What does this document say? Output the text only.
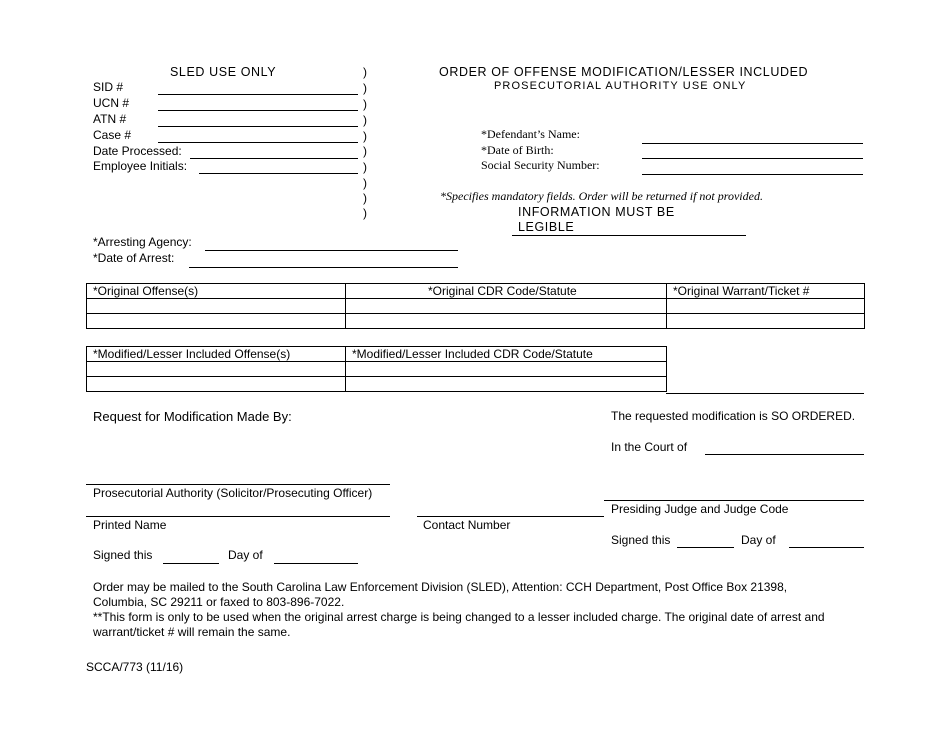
SLED USE ONLY
SID #
UCN #
ATN #
Case #
Date Processed:
Employee Initials:
)
)
)
)
)
)
)
)
)
)
ORDER OF OFFENSE MODIFICATION/LESSER INCLUDED
PROSECUTORIAL AUTHORITY USE ONLY
*Defendant’s Name:
*Date of Birth:
Social Security Number:
*Specifies mandatory fields. Order will be returned if not provided.
INFORMATION MUST BE
LEGIBLE
*Arresting Agency:
*Date of Arrest:
*Original Offense(s)	*Original CDR Code/Statute	*Original Warrant/Ticket #

*Modified/Lesser Included Offense(s)	*Modified/Lesser Included CDR Code/Statute

Request for Modification Made By:
Prosecutorial Authority (Solicitor/Prosecuting Officer)
Printed Name	Contact Number
Signed this	Day of
The requested modification is SO ORDERED.
In the Court of
Presiding Judge and Judge Code
Signed this	Day of
Order may be mailed to the South Carolina Law Enforcement Division (SLED), Attention: CCH Department, Post Office Box 21398,
Columbia, SC 29211 or faxed to 803-896-7022.
**This form is only to be used when the original arrest charge is being changed to a lesser included charge. The original date of arrest and
warrant/ticket # will remain the same.
SCCA/773 (11/16)
